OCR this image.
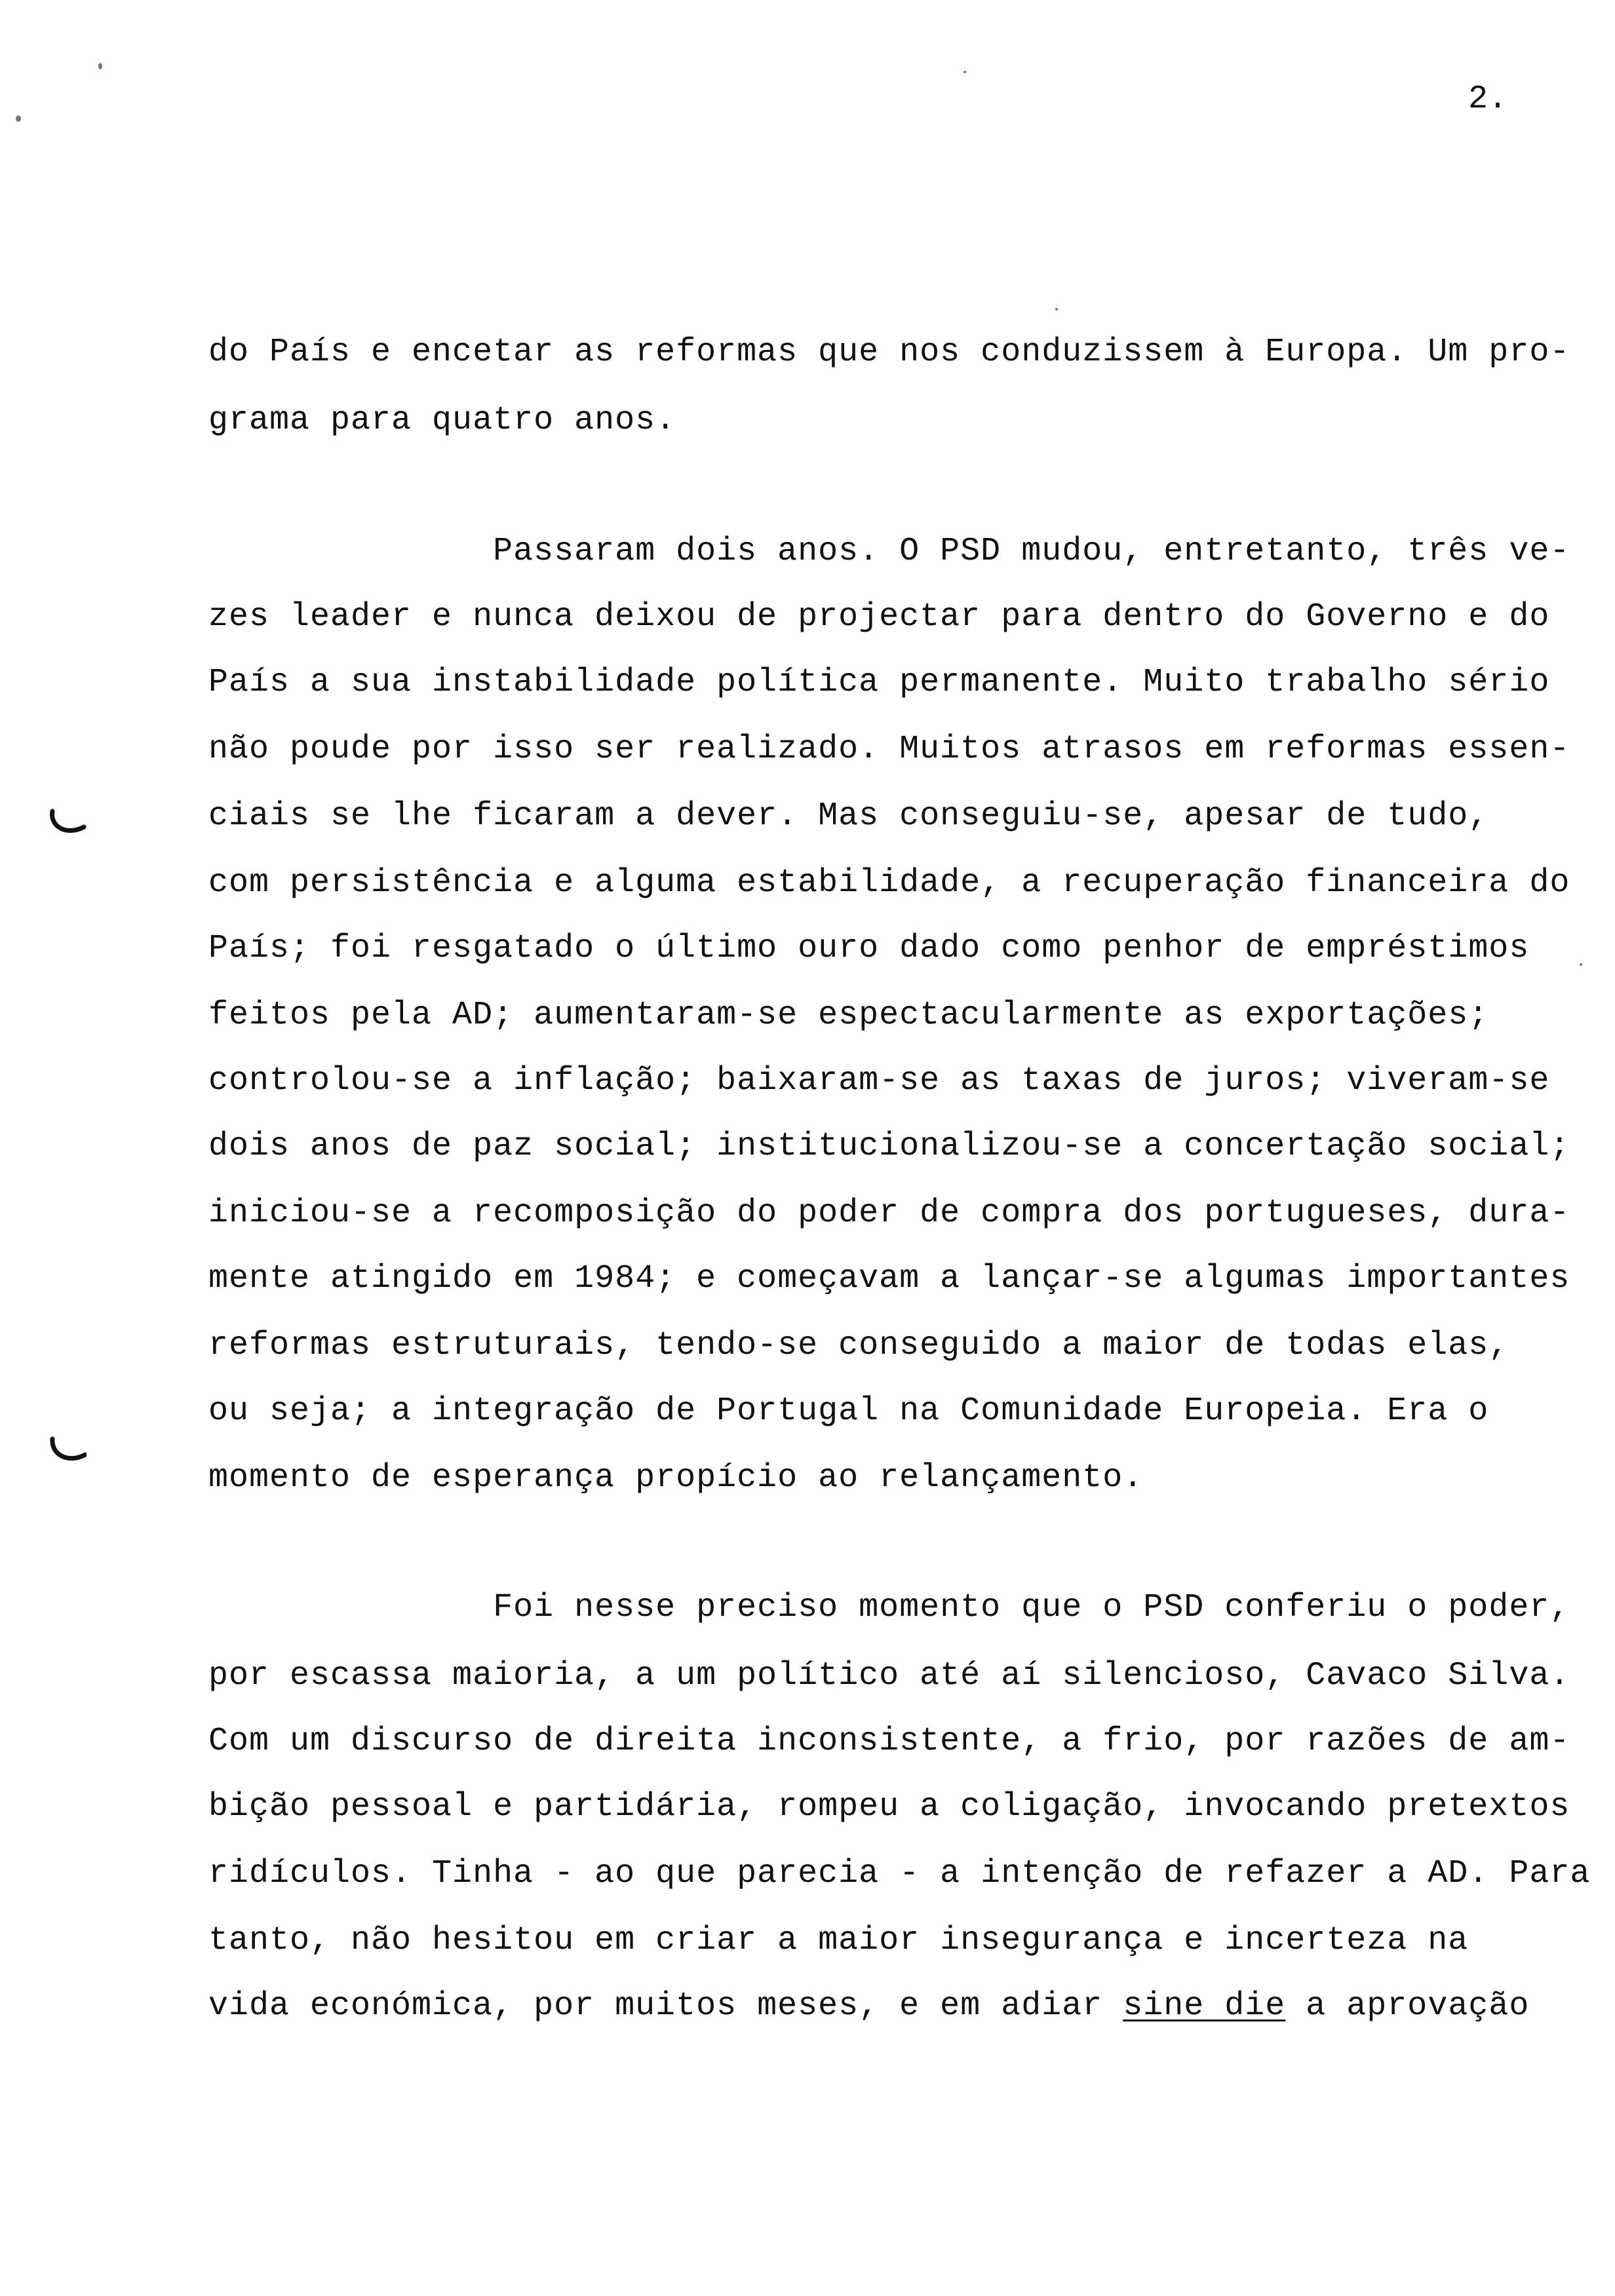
2.
do País e encetar as reformas que nos conduzissem à Europa. Um pro-
grama para quatro anos.
Passaram dois anos. O PSD mudou, entretanto, três ve-
zes leader e nunca deixou de projectar para dentro do Governo e do
País a sua instabilidade política permanente. Muito trabalho sério
não poude por isso ser realizado. Muitos atrasos em reformas essen-
ciais se lhe ficaram a dever. Mas conseguiu-se, apesar de tudo,
com persistência e alguma estabilidade, a recuperação financeira do
País; foi resgatado o último ouro dado como penhor de empréstimos
feitos pela AD; aumentaram-se espectacularmente as exportações;
controlou-se a inflação; baixaram-se as taxas de juros; viveram-se
dois anos de paz social; institucionalizou-se a concertação social;
iniciou-se a recomposição do poder de compra dos portugueses, dura-
mente atingido em 1984; e começavam a lançar-se algumas importantes
reformas estruturais, tendo-se conseguido a maior de todas elas,
ou seja; a integração de Portugal na Comunidade Europeia. Era o
momento de esperança propício ao relançamento.
Foi nesse preciso momento que o PSD conferiu o poder,
por escassa maioria, a um político até aí silencioso, Cavaco Silva.
Com um discurso de direita inconsistente, a frio, por razões de am-
bição pessoal e partidária, rompeu a coligação, invocando pretextos
ridículos. Tinha - ao que parecia - a intenção de refazer a AD. Para
tanto, não hesitou em criar a maior insegurança e incerteza na
vida económica, por muitos meses, e em adiar sine die a aprovação
